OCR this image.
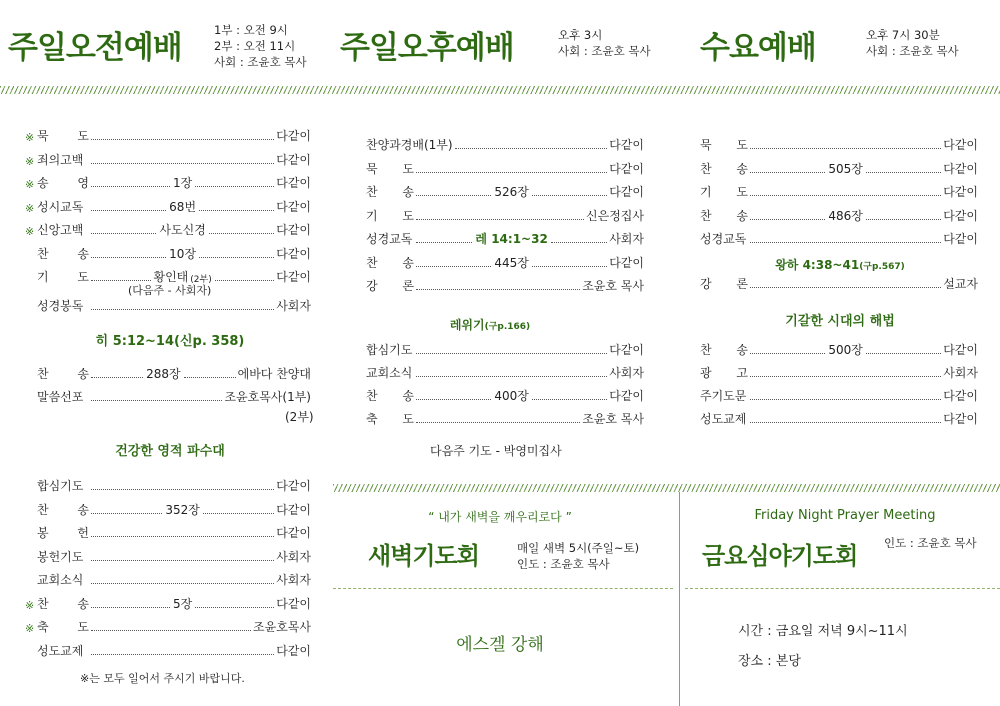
주일오전예배	1부 : 오전 9시
2부 : 오전 11시
사회 : 조윤호 목사 주일오후예배	오후 3시
사회 : 조윤호 목사 수요예배	오후 7시 30분
사회 : 조윤호 목사
※ 묵 도	다같이
※ 죄의고백	다같이
※ 송 영	1장	다같이
※ 성시교독	68번	다같이
※ 신앙고백	사도신경	다같이
찬 송	10장	다같이
기 도	황인태 (2부)	다같이
(다음주 - 사회자)
성경봉독	사회자
히 5:12~14(신p. 358)
찬 송	288장	에바다 찬양대
말씀선포	조윤호목사(1부)
(2부)
건강한 영적 파수대
합심기도	다같이
찬 송	352장	다같이
봉 헌	다같이
봉헌기도	사회자
교회소식	사회자
※ 찬 송	5장	다같이
※ 축 도	조윤호목사
성도교제	다같이
※는 모두 일어서 주시기 바랍니다.
찬양과 경배(1부)	다같이
묵 도	다같이
찬 송	526장	다같이
기 도	신은정집사
성경교독	레 14:1~32	사회자
찬 송	445장	다같이
강 론	조윤호 목사
레위기(구p.166)
합심기도	다같이
교회소식	사회자
찬 송	400장	다같이
축 도	조윤호 목사
다음주 기도 - 박영미집사
묵 도	다같이
찬 송	505장	다같이
기 도	다같이
찬 송	486장	다같이
성경교독	다같이
왕하 4:38~41(구p.567)
강 론	설교자
기갈한 시대의 해법
찬 송	500장	다같이
광 고	사회자
주기도문	다같이
성도교제	다같이
“ 내가 새벽을 깨우리로다 ”
새벽기도회	매일 새벽 5시(주일~토)
인도 : 조윤호 목사
에스겔 강해
Friday Night Prayer Meeting
금요심야기도회 인도 : 조윤호 목사
시간 : 금요일 저녁 9시~11시
장소 : 본당
